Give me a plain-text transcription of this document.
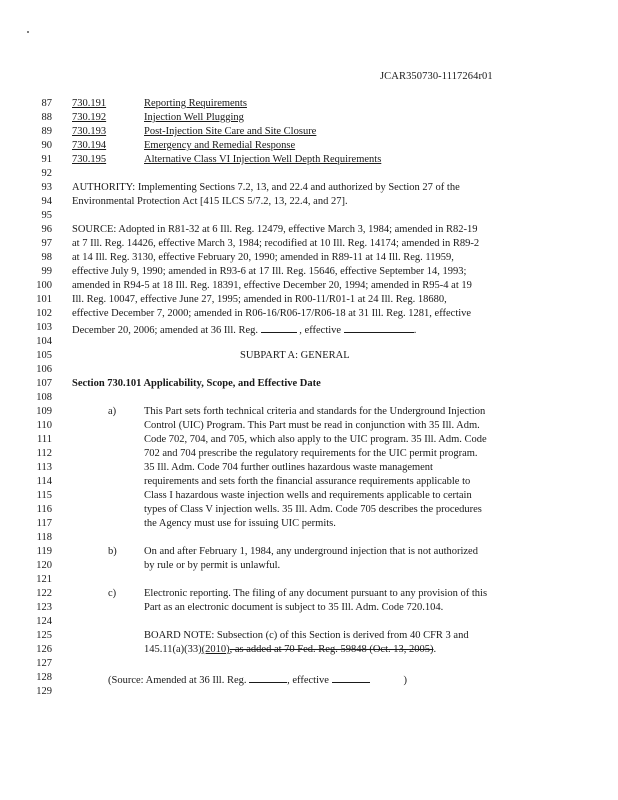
JCAR350730-1117264r01
87 730.191	Reporting Requirements
88 730.192	Injection Well Plugging
89 730.193	Post-Injection Site Care and Site Closure
90 730.194	Emergency and Remedial Response
91 730.195	Alternative Class VI Injection Well Depth Requirements
92
93 AUTHORITY: Implementing Sections 7.2, 13, and 22.4 and authorized by Section 27 of the
94 Environmental Protection Act [415 ILCS 5/7.2, 13, 22.4, and 27].
95
96 SOURCE: Adopted in R81-32 at 6 Ill. Reg. 12479, effective March 3, 1984; amended in R82-19
97 at 7 Ill. Reg. 14426, effective March 3, 1984; recodified at 10 Ill. Reg. 14174; amended in R89-2
98 at 14 Ill. Reg. 3130, effective February 20, 1990; amended in R89-11 at 14 Ill. Reg. 11959,
99 effective July 9, 1990; amended in R93-6 at 17 Ill. Reg. 15646, effective September 14, 1993;
100 amended in R94-5 at 18 Ill. Reg. 18391, effective December 20, 1994; amended in R95-4 at 19
101 Ill. Reg. 10047, effective June 27, 1995; amended in R00-11/R01-1 at 24 Ill. Reg. 18680,
102 effective December 7, 2000; amended in R06-16/R06-17/R06-18 at 31 Ill. Reg. 1281, effective
103 December 20, 2006; amended at 36 Ill. Reg.	, effective	.
104
105	SUBPART A: GENERAL
106
107 Section 730.101 Applicability, Scope, and Effective Date
108
109	a)	This Part sets forth technical criteria and standards for the Underground Injection
110	Control (UIC) Program. This Part must be read in conjunction with 35 Ill. Adm.
111	Code 702, 704, and 705, which also apply to the UIC program. 35 Ill. Adm. Code
112	702 and 704 prescribe the regulatory requirements for the UIC permit program.
113	35 Ill. Adm. Code 704 further outlines hazardous waste management
114	requirements and sets forth the financial assurance requirements applicable to
115	Class I hazardous waste injection wells and requirements applicable to certain
116	types of Class V injection wells. 35 Ill. Adm. Code 705 describes the procedures
117	the Agency must use for issuing UIC permits.
118
119	b)	On and after February 1, 1984, any underground injection that is not authorized
120	by rule or by permit is unlawful.
121
122	c)	Electronic reporting. The filing of any document pursuant to any provision of this
123	Part as an electronic document is subject to 35 Ill. Adm. Code 720.104.
124
125	BOARD NOTE: Subsection (c) of this Section is derived from 40 CFR 3 and
126	145.11(a)(33)(2010), as added at 70 Fed. Reg. 59848 (Oct. 13, 2005).
127
128	(Source: Amended at 36 Ill. Reg.	, effective	)
129
